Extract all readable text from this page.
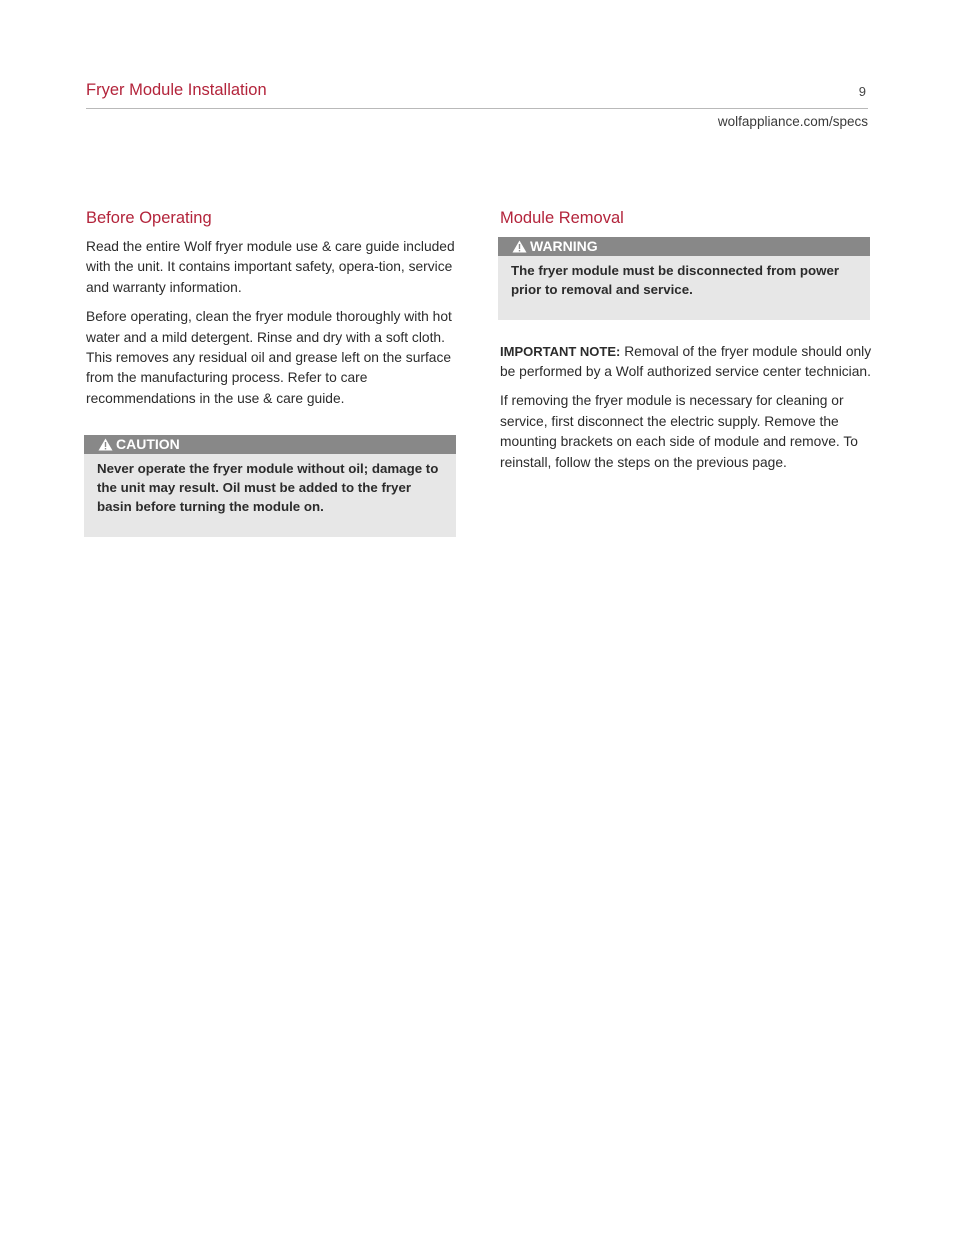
Fryer Module Installation	9
wolfappliance.com/specs
Before Operating

Read the entire Wolf fryer module use & care guide included with the unit. It contains important safety, opera-tion, service and warranty information.

Before operating, clean the fryer module thoroughly with hot water and a mild detergent. Rinse and dry with a soft cloth. This removes any residual oil and grease left on the surface from the manufacturing process. Refer to care recommendations in the use & care guide.

CAUTION
Never operate the fryer module without oil; damage to the unit may result. Oil must be added to the fryer basin before turning the module on.
Module Removal
WARNING
The fryer module must be disconnected from power prior to removal and service.

IMPORTANT NOTE: Removal of the fryer module should only be performed by a Wolf authorized service center technician.

If removing the fryer module is necessary for cleaning or service, first disconnect the electric supply. Remove the mounting brackets on each side of module and remove. To reinstall, follow the steps on the previous page.
